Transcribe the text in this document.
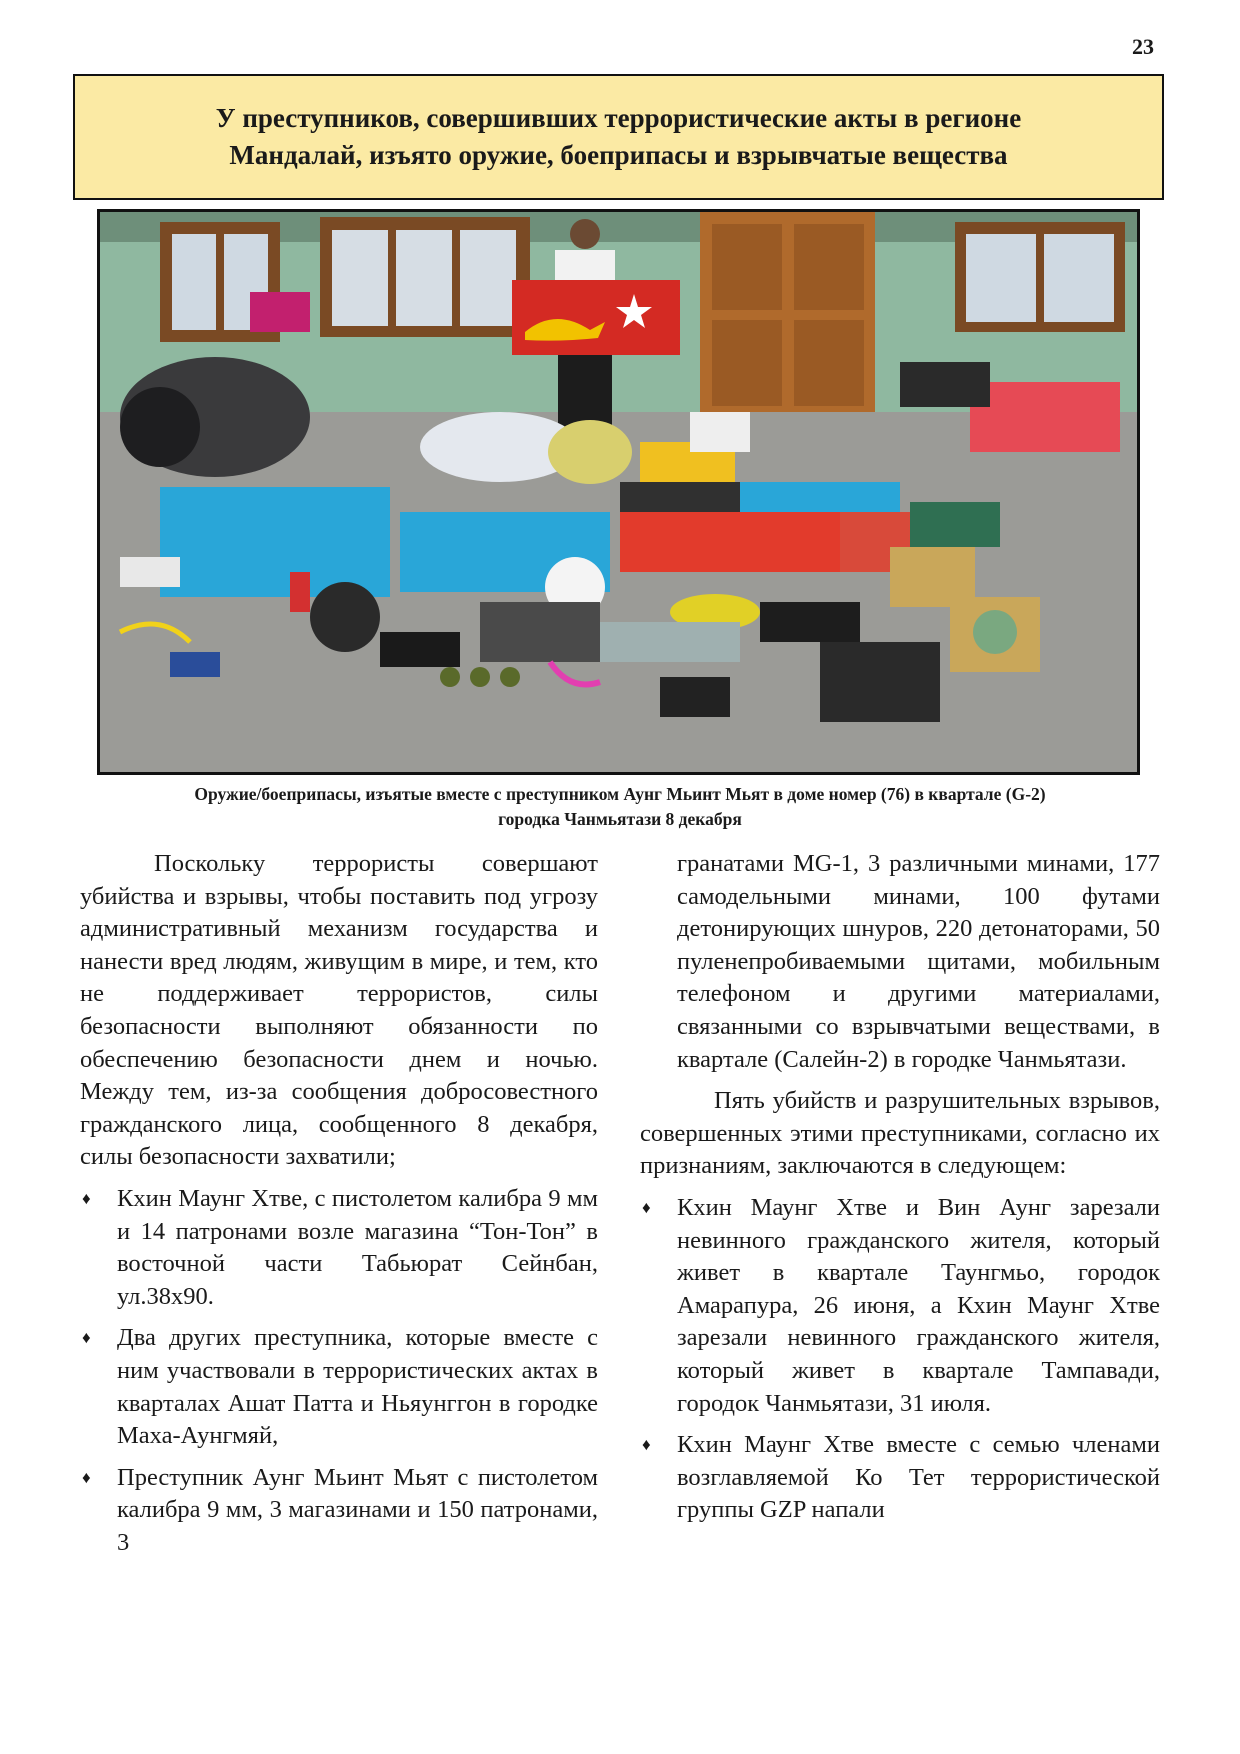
23
У преступников, совершивших террористические акты в регионе
Мандалай, изъято оружие, боеприпасы и взрывчатые вещества
Оружие/боеприпасы, изъятые вместе с преступником Аунг Мьинт Мьят в доме номер (76) в квартале (G-2)
городка Чанмьятази 8 декабря

Поскольку террористы совершают убийства и взрывы, чтобы поставить под угрозу административный механизм государства и нанести вред людям, живущим в мире, и тем, кто не поддерживает террористов, силы безопасности выполняют обязанности по обеспечению безопасности днем и ночью. Между тем, из-за сообщения добросовестного гражданского лица, сообщенного 8 декабря, силы безопасности захватили;

♦ Кхин Маунг Хтве, с пистолетом калибра 9 мм и 14 патронами возле магазина “Тон-Тон” в восточной части Табьюрат Сейнбан, ул.38x90.
♦ Два других преступника, которые вместе с ним участвовали в террористических актах в кварталах Ашат Патта и Ньяунггон в городке Маха-Аунгмяй,
♦ Преступник Аунг Мьинт Мьят с пистолетом калибра 9 мм, 3 магазинами и 150 патронами, 3

гранатами MG-1, 3 различными минами, 177 самодельными минами, 100 футами детонирующих шнуров, 220 детонаторами, 50 пуленепробиваемыми щитами, мобильным телефоном и другими материалами, связанными со взрывчатыми веществами, в квартале (Салейн-2) в городке Чанмьятази.

Пять убийств и разрушительных взрывов, совершенных этими преступниками, согласно их признаниям, заключаются в следующем:

♦ Кхин Маунг Хтве и Вин Аунг зарезали невинного гражданского жителя, который живет в квартале Таунгмьо, городок Амарапура, 26 июня, а Кхин Маунг Хтве зарезали невинного гражданского жителя, который живет в квартале Тампавади, городок Чанмьятази, 31 июля.
♦ Кхин Маунг Хтве вместе с семью членами возглавляемой Ко Тет террористической группы GZP напали
